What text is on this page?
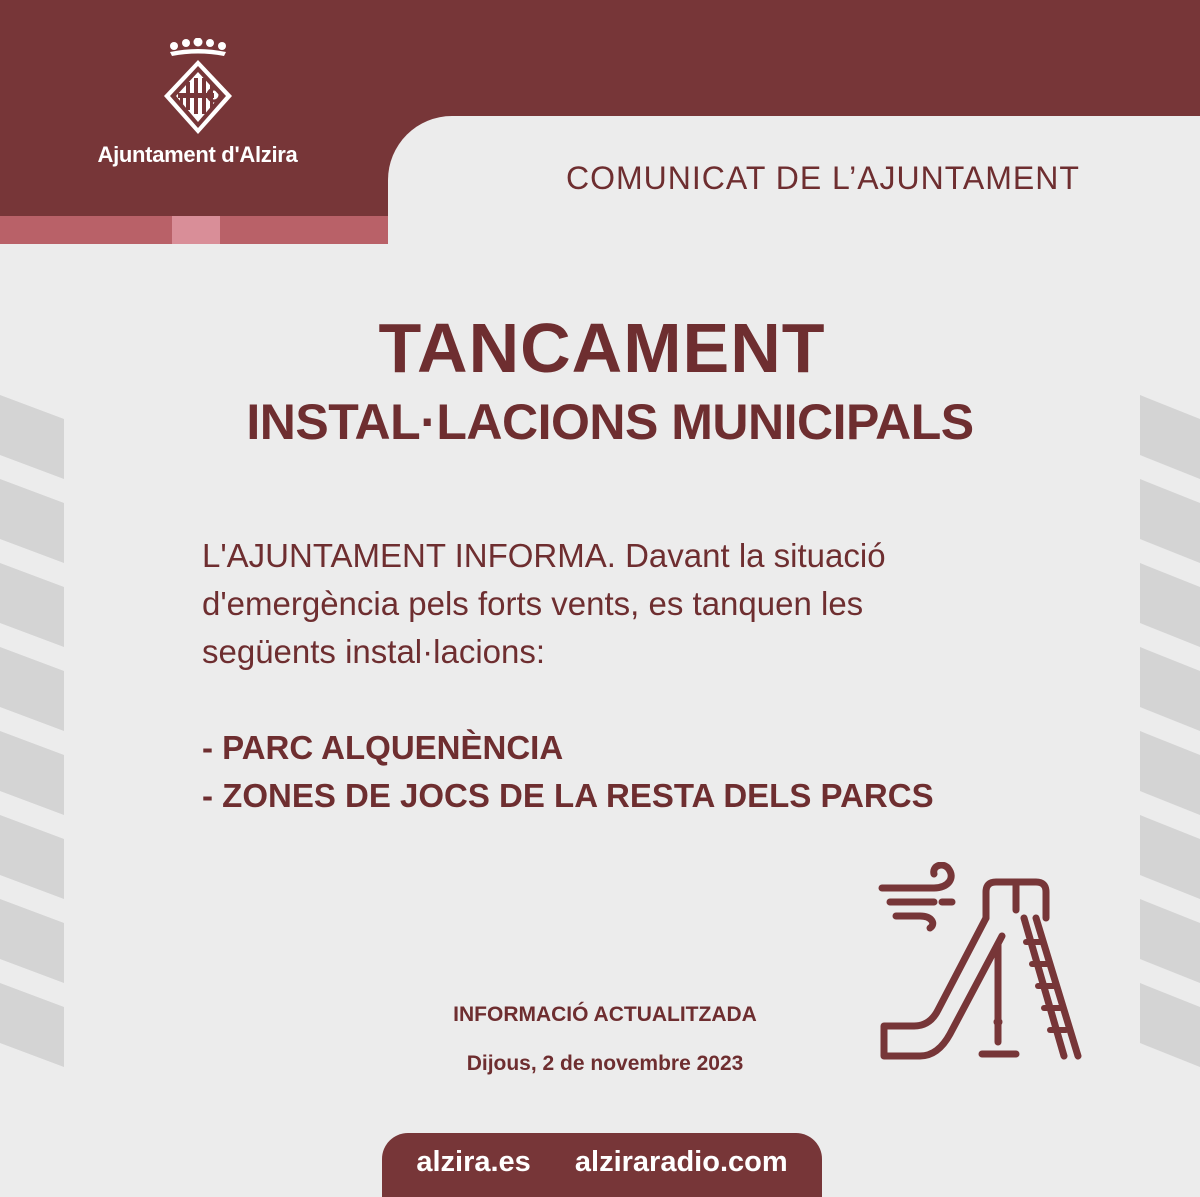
Ajuntament d'Alzira
COMUNICAT DE L’AJUNTAMENT
TANCAMENT
INSTAL·LACIONS MUNICIPALS
L'AJUNTAMENT INFORMA. Davant la situació
d'emergència pels forts vents, es tanquen les
següents instal·lacions:
- PARC ALQUENÈNCIA
- ZONES DE JOCS DE LA RESTA DELS PARCS
INFORMACIÓ ACTUALITZADA
Dijous, 2 de novembre 2023
alzira.es alziraradio.com
